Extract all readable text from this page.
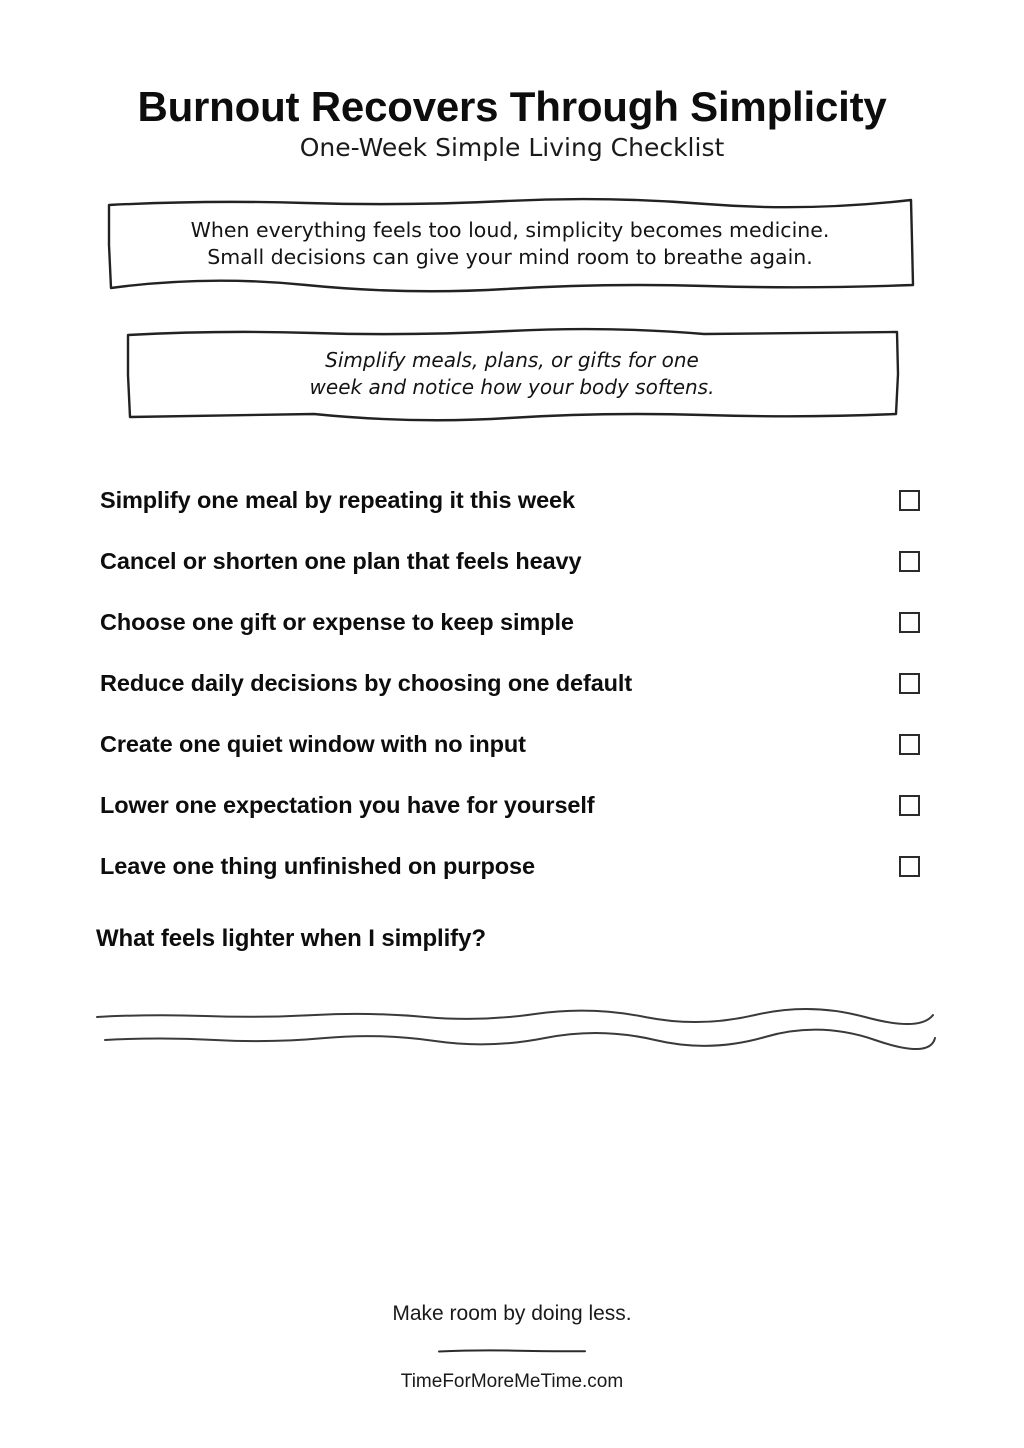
Burnout Recovers Through Simplicity
One-Week Simple Living Checklist
When everything feels too loud, simplicity becomes medicine.
Small decisions can give your mind room to breathe again.
Simplify meals, plans, or gifts for one
week and notice how your body softens.
Simplify one meal by repeating it this week
Cancel or shorten one plan that feels heavy
Choose one gift or expense to keep simple
Reduce daily decisions by choosing one default
Create one quiet window with no input
Lower one expectation you have for yourself
Leave one thing unfinished on purpose
What feels lighter when I simplify?
Make room by doing less.
TimeForMoreMeTime.com
